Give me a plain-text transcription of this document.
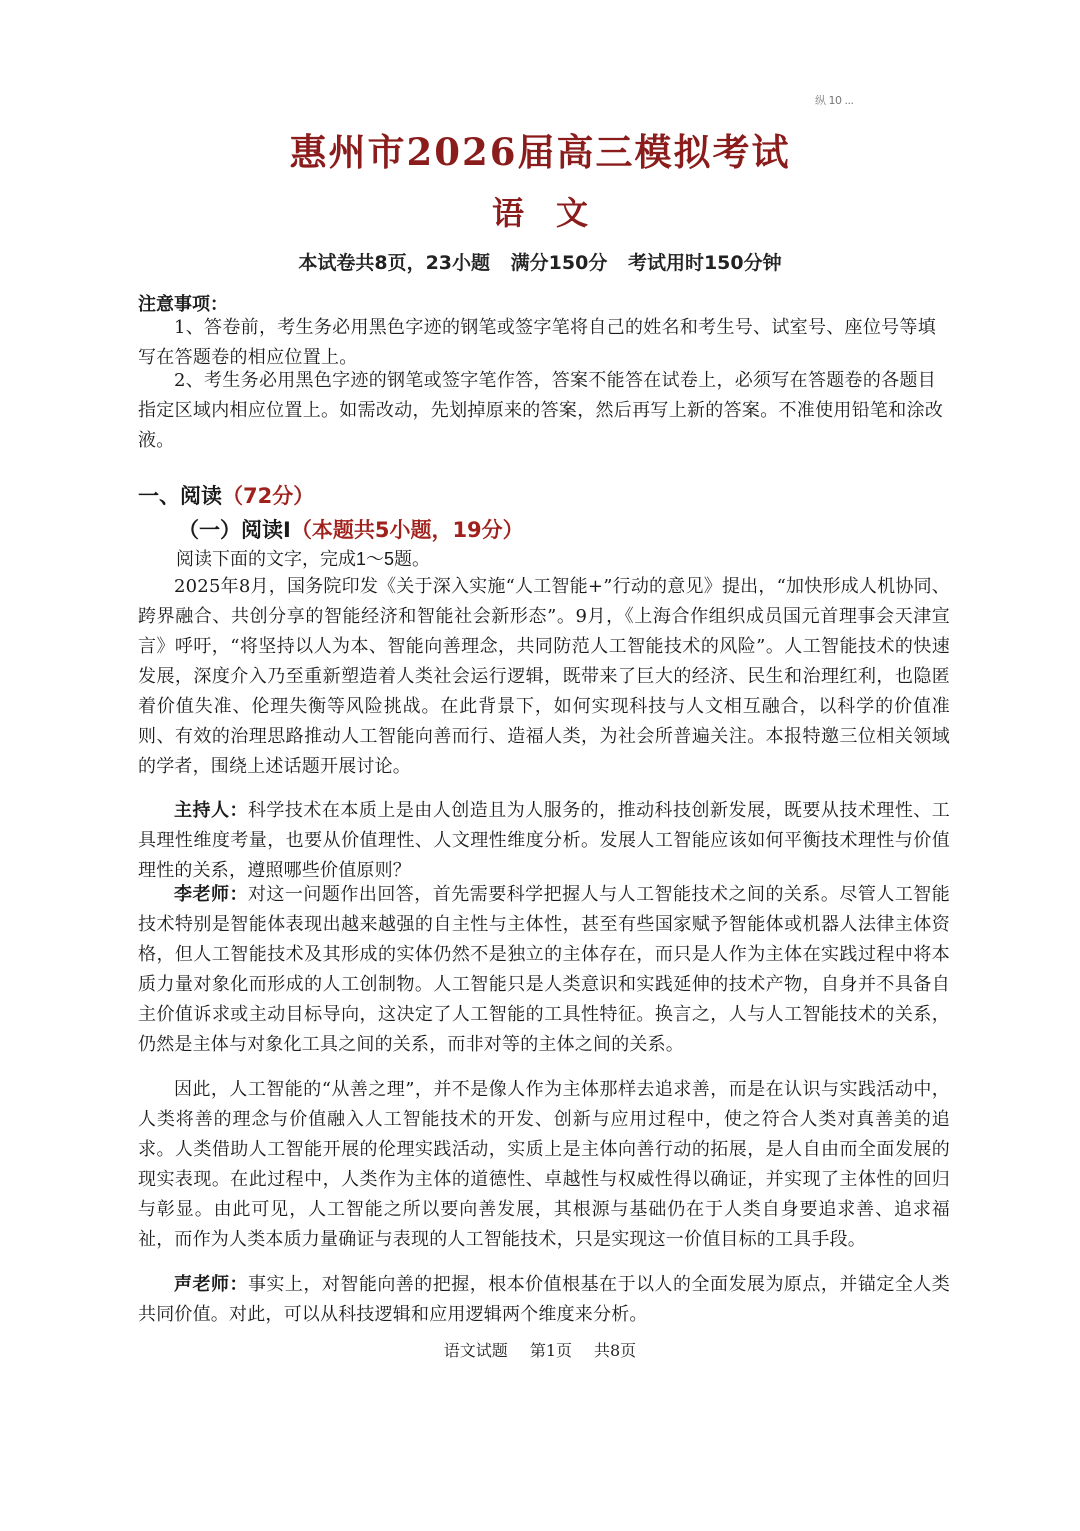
纵 10 ...
惠州市2026届高三模拟考试
语　文
本试卷共8页，23小题 满分150分 考试用时150分钟
注意事项：

1、答卷前，考生务必用黑色字迹的钢笔或签字笔将自己的姓名和考生号、试室号、座位号等填写在答题卷的相应位置上。

2、考生务必用黑色字迹的钢笔或签字笔作答，答案不能答在试卷上，必须写在答题卷的各题目指定区域内相应位置上。如需改动，先划掉原来的答案，然后再写上新的答案。不准使用铅笔和涂改液。

一、阅读（72分）
（一）阅读Ⅰ（本题共5小题，19分）
阅读下面的文字，完成1～5题。

2025年8月，国务院印发《关于深入实施“人工智能+”行动的意见》提出，“加快形成人机协同、跨界融合、共创分享的智能经济和智能社会新形态”。9月，《上海合作组织成员国元首理事会天津宣言》呼吁，“将坚持以人为本、智能向善理念，共同防范人工智能技术的风险”。人工智能技术的快速发展，深度介入乃至重新塑造着人类社会运行逻辑，既带来了巨大的经济、民生和治理红利，也隐匿着价值失准、伦理失衡等风险挑战。在此背景下，如何实现科技与人文相互融合，以科学的价值准则、有效的治理思路推动人工智能向善而行、造福人类，为社会所普遍关注。本报特邀三位相关领域的学者，围绕上述话题开展讨论。

主持人：科学技术在本质上是由人创造且为人服务的，推动科技创新发展，既要从技术理性、工具理性维度考量，也要从价值理性、人文理性维度分析。发展人工智能应该如何平衡技术理性与价值理性的关系，遵照哪些价值原则？

李老师：对这一问题作出回答，首先需要科学把握人与人工智能技术之间的关系。尽管人工智能技术特别是智能体表现出越来越强的自主性与主体性，甚至有些国家赋予智能体或机器人法律主体资格，但人工智能技术及其形成的实体仍然不是独立的主体存在，而只是人作为主体在实践过程中将本质力量对象化而形成的人工创制物。人工智能只是人类意识和实践延伸的技术产物，自身并不具备自主价值诉求或主动目标导向，这决定了人工智能的工具性特征。换言之，人与人工智能技术的关系，仍然是主体与对象化工具之间的关系，而非对等的主体之间的关系。

因此，人工智能的“从善之理”，并不是像人作为主体那样去追求善，而是在认识与实践活动中，人类将善的理念与价值融入人工智能技术的开发、创新与应用过程中，使之符合人类对真善美的追求。人类借助人工智能开展的伦理实践活动，实质上是主体向善行动的拓展，是人自由而全面发展的现实表现。在此过程中，人类作为主体的道德性、卓越性与权威性得以确证，并实现了主体性的回归与彰显。由此可见，人工智能之所以要向善发展，其根源与基础仍在于人类自身要追求善、追求福祉，而作为人类本质力量确证与表现的人工智能技术，只是实现这一价值目标的工具手段。

声老师：事实上，对智能向善的把握，根本价值根基在于以人的全面发展为原点，并锚定全人类共同价值。对此，可以从科技逻辑和应用逻辑两个维度来分析。

语文试题 第1页 共8页
